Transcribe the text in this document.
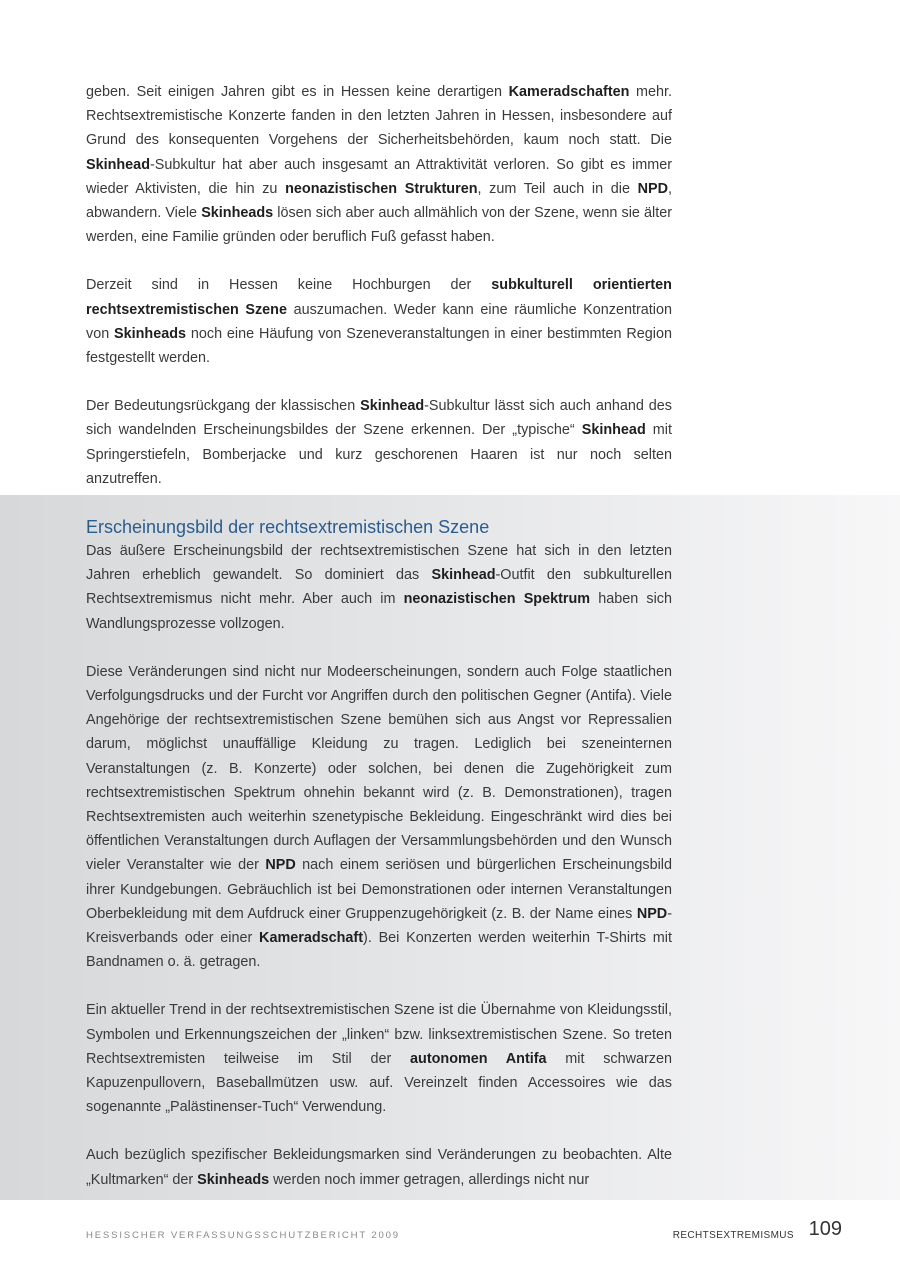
geben. Seit einigen Jahren gibt es in Hessen keine derartigen Kameradschaften mehr. Rechtsextremistische Konzerte fanden in den letzten Jahren in Hessen, insbesondere auf Grund des konsequenten Vorgehens der Sicherheitsbehörden, kaum noch statt. Die Skinhead-Subkultur hat aber auch insgesamt an Attraktivität verloren. So gibt es immer wieder Aktivisten, die hin zu neonazistischen Strukturen, zum Teil auch in die NPD, abwandern. Viele Skinheads lösen sich aber auch allmählich von der Szene, wenn sie älter werden, eine Familie gründen oder beruflich Fuß gefasst haben.

Derzeit sind in Hessen keine Hochburgen der subkulturell orientierten rechtsextremistischen Szene auszumachen. Weder kann eine räumliche Konzentration von Skinheads noch eine Häufung von Szeneveranstaltungen in einer bestimmten Region festgestellt werden.

Der Bedeutungsrückgang der klassischen Skinhead-Subkultur lässt sich auch anhand des sich wandelnden Erscheinungsbildes der Szene erkennen. Der „typische“ Skinhead mit Springerstiefeln, Bomberjacke und kurz geschorenen Haaren ist nur noch selten anzutreffen.

Erscheinungsbild der rechtsextremistischen Szene

Das äußere Erscheinungsbild der rechtsextremistischen Szene hat sich in den letzten Jahren erheblich gewandelt. So dominiert das Skinhead-Outfit den subkulturellen Rechtsextremismus nicht mehr. Aber auch im neonazistischen Spektrum haben sich Wandlungsprozesse vollzogen.

Diese Veränderungen sind nicht nur Modeerscheinungen, sondern auch Folge staatlichen Verfolgungsdrucks und der Furcht vor Angriffen durch den politischen Gegner (Antifa). Viele Angehörige der rechtsextremistischen Szene bemühen sich aus Angst vor Repressalien darum, möglichst unauffällige Kleidung zu tragen. Lediglich bei szeneinternen Veranstaltungen (z. B. Konzerte) oder solchen, bei denen die Zugehörigkeit zum rechtsextremistischen Spektrum ohnehin bekannt wird (z. B. Demonstrationen), tragen Rechtsextremisten auch weiterhin szenetypische Bekleidung. Eingeschränkt wird dies bei öffentlichen Veranstaltungen durch Auflagen der Versammlungsbehörden und den Wunsch vieler Veranstalter wie der NPD nach einem seriösen und bürgerlichen Erscheinungsbild ihrer Kundgebungen. Gebräuchlich ist bei Demonstrationen oder internen Veranstaltungen Oberbekleidung mit dem Aufdruck einer Gruppenzugehörigkeit (z. B. der Name eines NPD-Kreisverbands oder einer Kameradschaft). Bei Konzerten werden weiterhin T-Shirts mit Bandnamen o. ä. getragen.

Ein aktueller Trend in der rechtsextremistischen Szene ist die Übernahme von Kleidungsstil, Symbolen und Erkennungszeichen der „linken“ bzw. linksextremistischen Szene. So treten Rechtsextremisten teilweise im Stil der autonomen Antifa mit schwarzen Kapuzenpullovern, Baseballmützen usw. auf. Vereinzelt finden Accessoires wie das sogenannte „Palästinenser-Tuch“ Verwendung.

Auch bezüglich spezifischer Bekleidungsmarken sind Veränderungen zu beobachten. Alte „Kultmarken“ der Skinheads werden noch immer getragen, allerdings nicht nur

HESSISCHER VERFASSUNGSSCHUTZBERICHT 2009	RECHTSEXTREMISMUS 109
